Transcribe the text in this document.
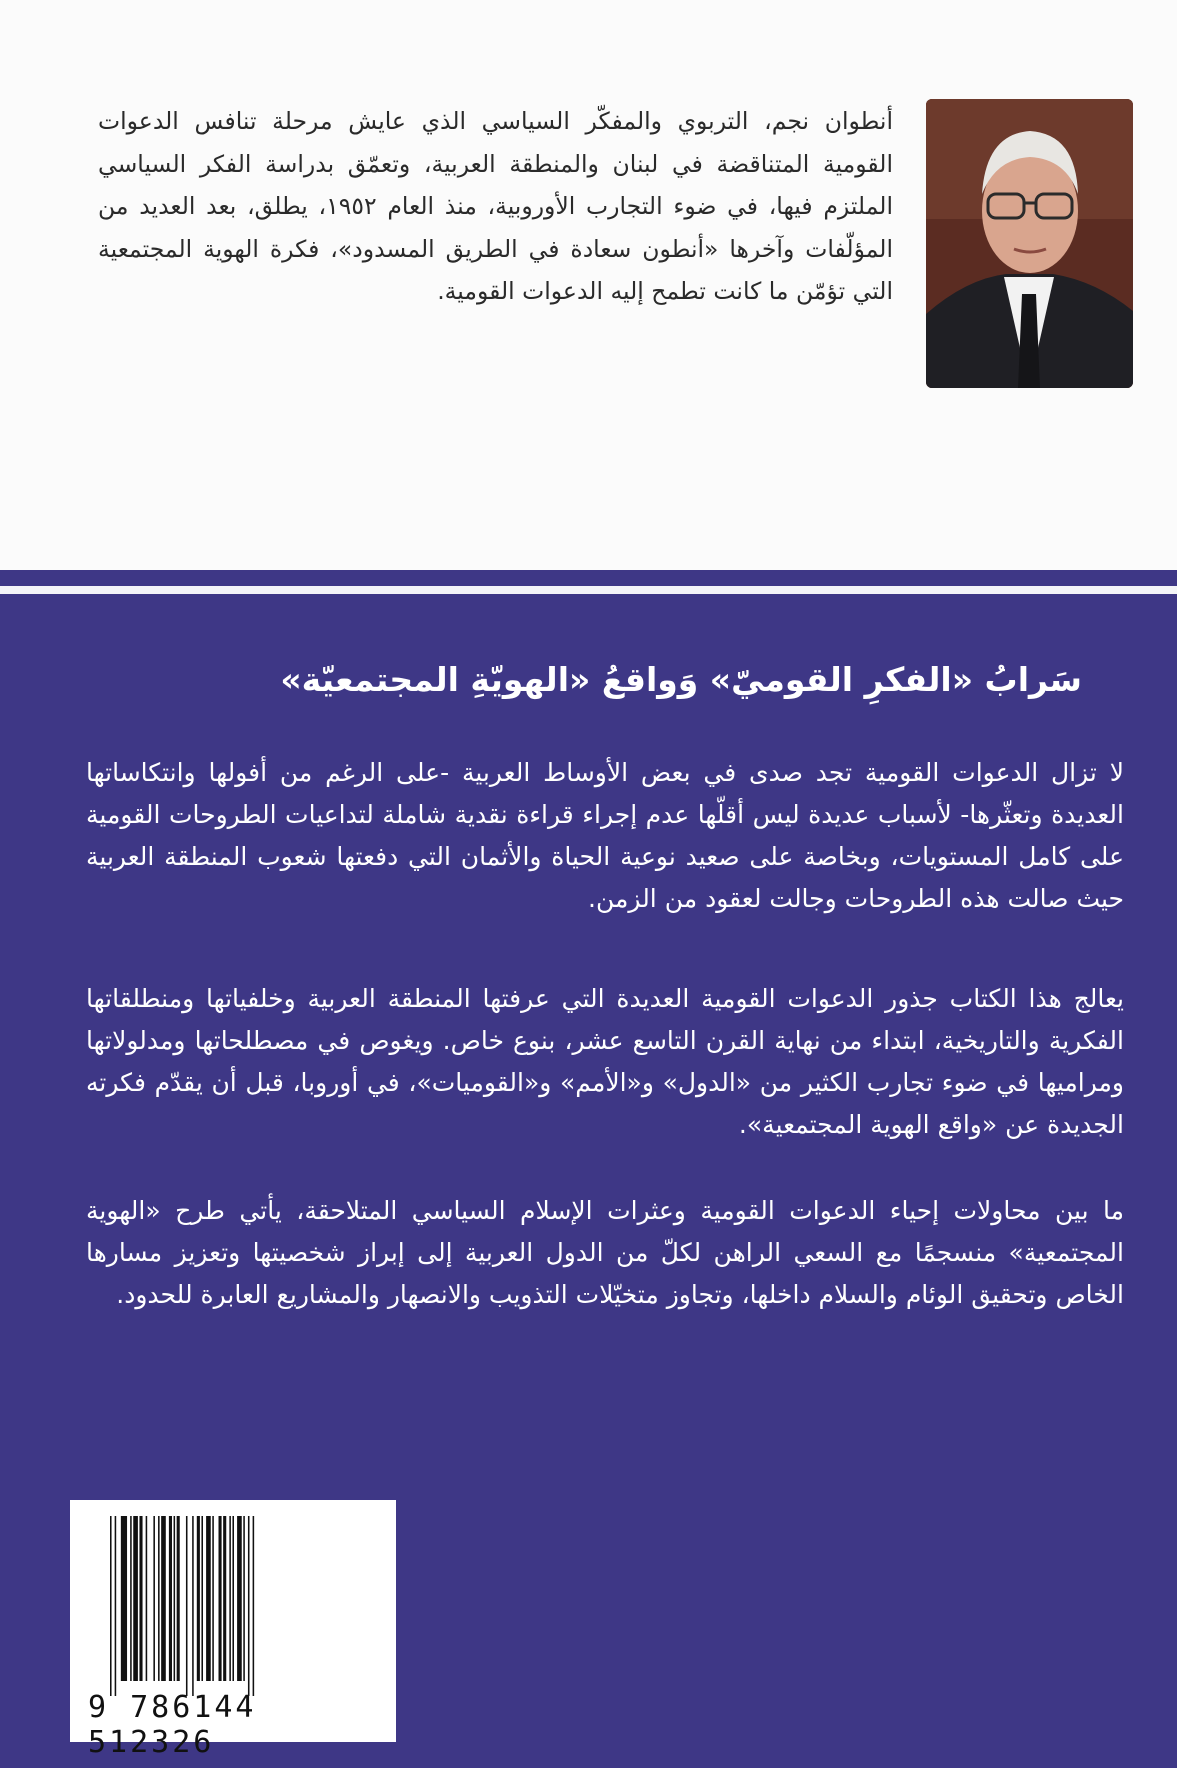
أنطوان نجم، التربوي والمفكّر السياسي الذي عايش مرحلة تنافس الدعوات القومية المتناقضة في لبنان والمنطقة العربية، وتعمّق بدراسة الفكر السياسي الملتزم فيها، في ضوء التجارب الأوروبية، منذ العام ١٩٥٢، يطلق، بعد العديد من المؤلّفات وآخرها «أنطون سعادة في الطريق المسدود»، فكرة الهوية المجتمعية التي تؤمّن ما كانت تطمح إليه الدعوات القومية.
سَرابُ «الفكرِ القوميّ» وَواقعُ «الهويّةِ المجتمعيّة»
لا تزال الدعوات القومية تجد صدى في بعض الأوساط العربية -على الرغم من أفولها وانتكاساتها العديدة وتعثّرها- لأسباب عديدة ليس أقلّها عدم إجراء قراءة نقدية شاملة لتداعيات الطروحات القومية على كامل المستويات، وبخاصة على صعيد نوعية الحياة والأثمان التي دفعتها شعوب المنطقة العربية حيث صالت هذه الطروحات وجالت لعقود من الزمن.
يعالج هذا الكتاب جذور الدعوات القومية العديدة التي عرفتها المنطقة العربية وخلفياتها ومنطلقاتها الفكرية والتاريخية، ابتداء من نهاية القرن التاسع عشر، بنوع خاص. ويغوص في مصطلحاتها ومدلولاتها ومراميها في ضوء تجارب الكثير من «الدول» و«الأمم» و«القوميات»، في أوروبا، قبل أن يقدّم فكرته الجديدة عن «واقع الهوية المجتمعية».
ما بين محاولات إحياء الدعوات القومية وعثرات الإسلام السياسي المتلاحقة، يأتي طرح «الهوية المجتمعية» منسجمًا مع السعي الراهن لكلّ من الدول العربية إلى إبراز شخصيتها وتعزيز مسارها الخاص وتحقيق الوئام والسلام داخلها، وتجاوز متخيّلات التذويب والانصهار والمشاريع العابرة للحدود.
9 786144 512326
